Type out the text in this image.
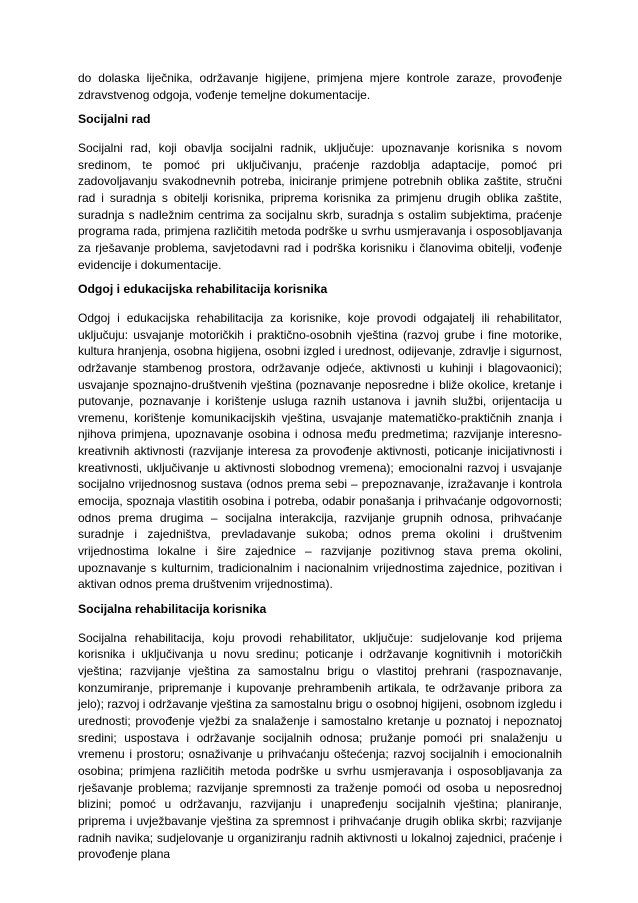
do dolaska liječnika, održavanje higijene, primjena mjere kontrole zaraze, provođenje zdravstvenog odgoja, vođenje temeljne dokumentacije.

Socijalni rad

Socijalni rad, koji obavlja socijalni radnik, uključuje: upoznavanje korisnika s novom sredinom, te pomoć pri uključivanju, praćenje razdoblja adaptacije, pomoć pri zadovoljavanju svakodnevnih potreba, iniciranje primjene potrebnih oblika zaštite, stručni rad i suradnja s obitelji korisnika, priprema korisnika za primjenu drugih oblika zaštite, suradnja s nadležnim centrima za socijalnu skrb, suradnja s ostalim subjektima, praćenje programa rada, primjena različitih metoda podrške u svrhu usmjeravanja i osposobljavanja za rješavanje problema, savjetodavni rad i podrška korisniku i članovima obitelji, vođenje evidencije i dokumentacije.

Odgoj i edukacijska rehabilitacija korisnika

Odgoj i edukacijska rehabilitacija za korisnike, koje provodi odgajatelj ili rehabilitator, uključuju: usvajanje motoričkih i praktično-osobnih vještina (razvoj grube i fine motorike, kultura hranjenja, osobna higijena, osobni izgled i urednost, odijevanje, zdravlje i sigurnost, održavanje stambenog prostora, održavanje odjeće, aktivnosti u kuhinji i blagovaonici); usvajanje spoznajno-društvenih vještina (poznavanje neposredne i bliže okolice, kretanje i putovanje, poznavanje i korištenje usluga raznih ustanova i javnih službi, orijentacija u vremenu, korištenje komunikacijskih vještina, usvajanje matematičko-praktičnih znanja i njihova primjena, upoznavanje osobina i odnosa među predmetima; razvijanje interesno-kreativnih aktivnosti (razvijanje interesa za provođenje aktivnosti, poticanje inicijativnosti i kreativnosti, uključivanje u aktivnosti slobodnog vremena); emocionalni razvoj i usvajanje socijalno vrijednosnog sustava (odnos prema sebi – prepoznavanje, izražavanje i kontrola emocija, spoznaja vlastitih osobina i potreba, odabir ponašanja i prihvaćanje odgovornosti; odnos prema drugima – socijalna interakcija, razvijanje grupnih odnosa, prihvaćanje suradnje i zajedništva, prevladavanje sukoba; odnos prema okolini i društvenim vrijednostima lokalne i šire zajednice – razvijanje pozitivnog stava prema okolini, upoznavanje s kulturnim, tradicionalnim i nacionalnim vrijednostima zajednice, pozitivan i aktivan odnos prema društvenim vrijednostima).

Socijalna rehabilitacija korisnika

Socijalna rehabilitacija, koju provodi rehabilitator, uključuje: sudjelovanje kod prijema korisnika i uključivanja u novu sredinu; poticanje i održavanje kognitivnih i motoričkih vještina; razvijanje vještina za samostalnu brigu o vlastitoj prehrani (raspoznavanje, konzumiranje, pripremanje i kupovanje prehrambenih artikala, te održavanje pribora za jelo); razvoj i održavanje vještina za samostalnu brigu o osobnoj higijeni, osobnom izgledu i urednosti; provođenje vježbi za snalaženje i samostalno kretanje u poznatoj i nepoznatoj sredini; uspostava i održavanje socijalnih odnosa; pružanje pomoći pri snalaženju u vremenu i prostoru; osnaživanje u prihvaćanju oštećenja; razvoj socijalnih i emocionalnih osobina; primjena različitih metoda podrške u svrhu usmjeravanja i osposobljavanja za rješavanje problema; razvijanje spremnosti za traženje pomoći od osoba u neposrednoj blizini; pomoć u održavanju, razvijanju i unapređenju socijalnih vještina; planiranje, priprema i uvježbavanje vještina za spremnost i prihvaćanje drugih oblika skrbi; razvijanje radnih navika; sudjelovanje u organiziranju radnih aktivnosti u lokalnoj zajednici, praćenje i provođenje plana
